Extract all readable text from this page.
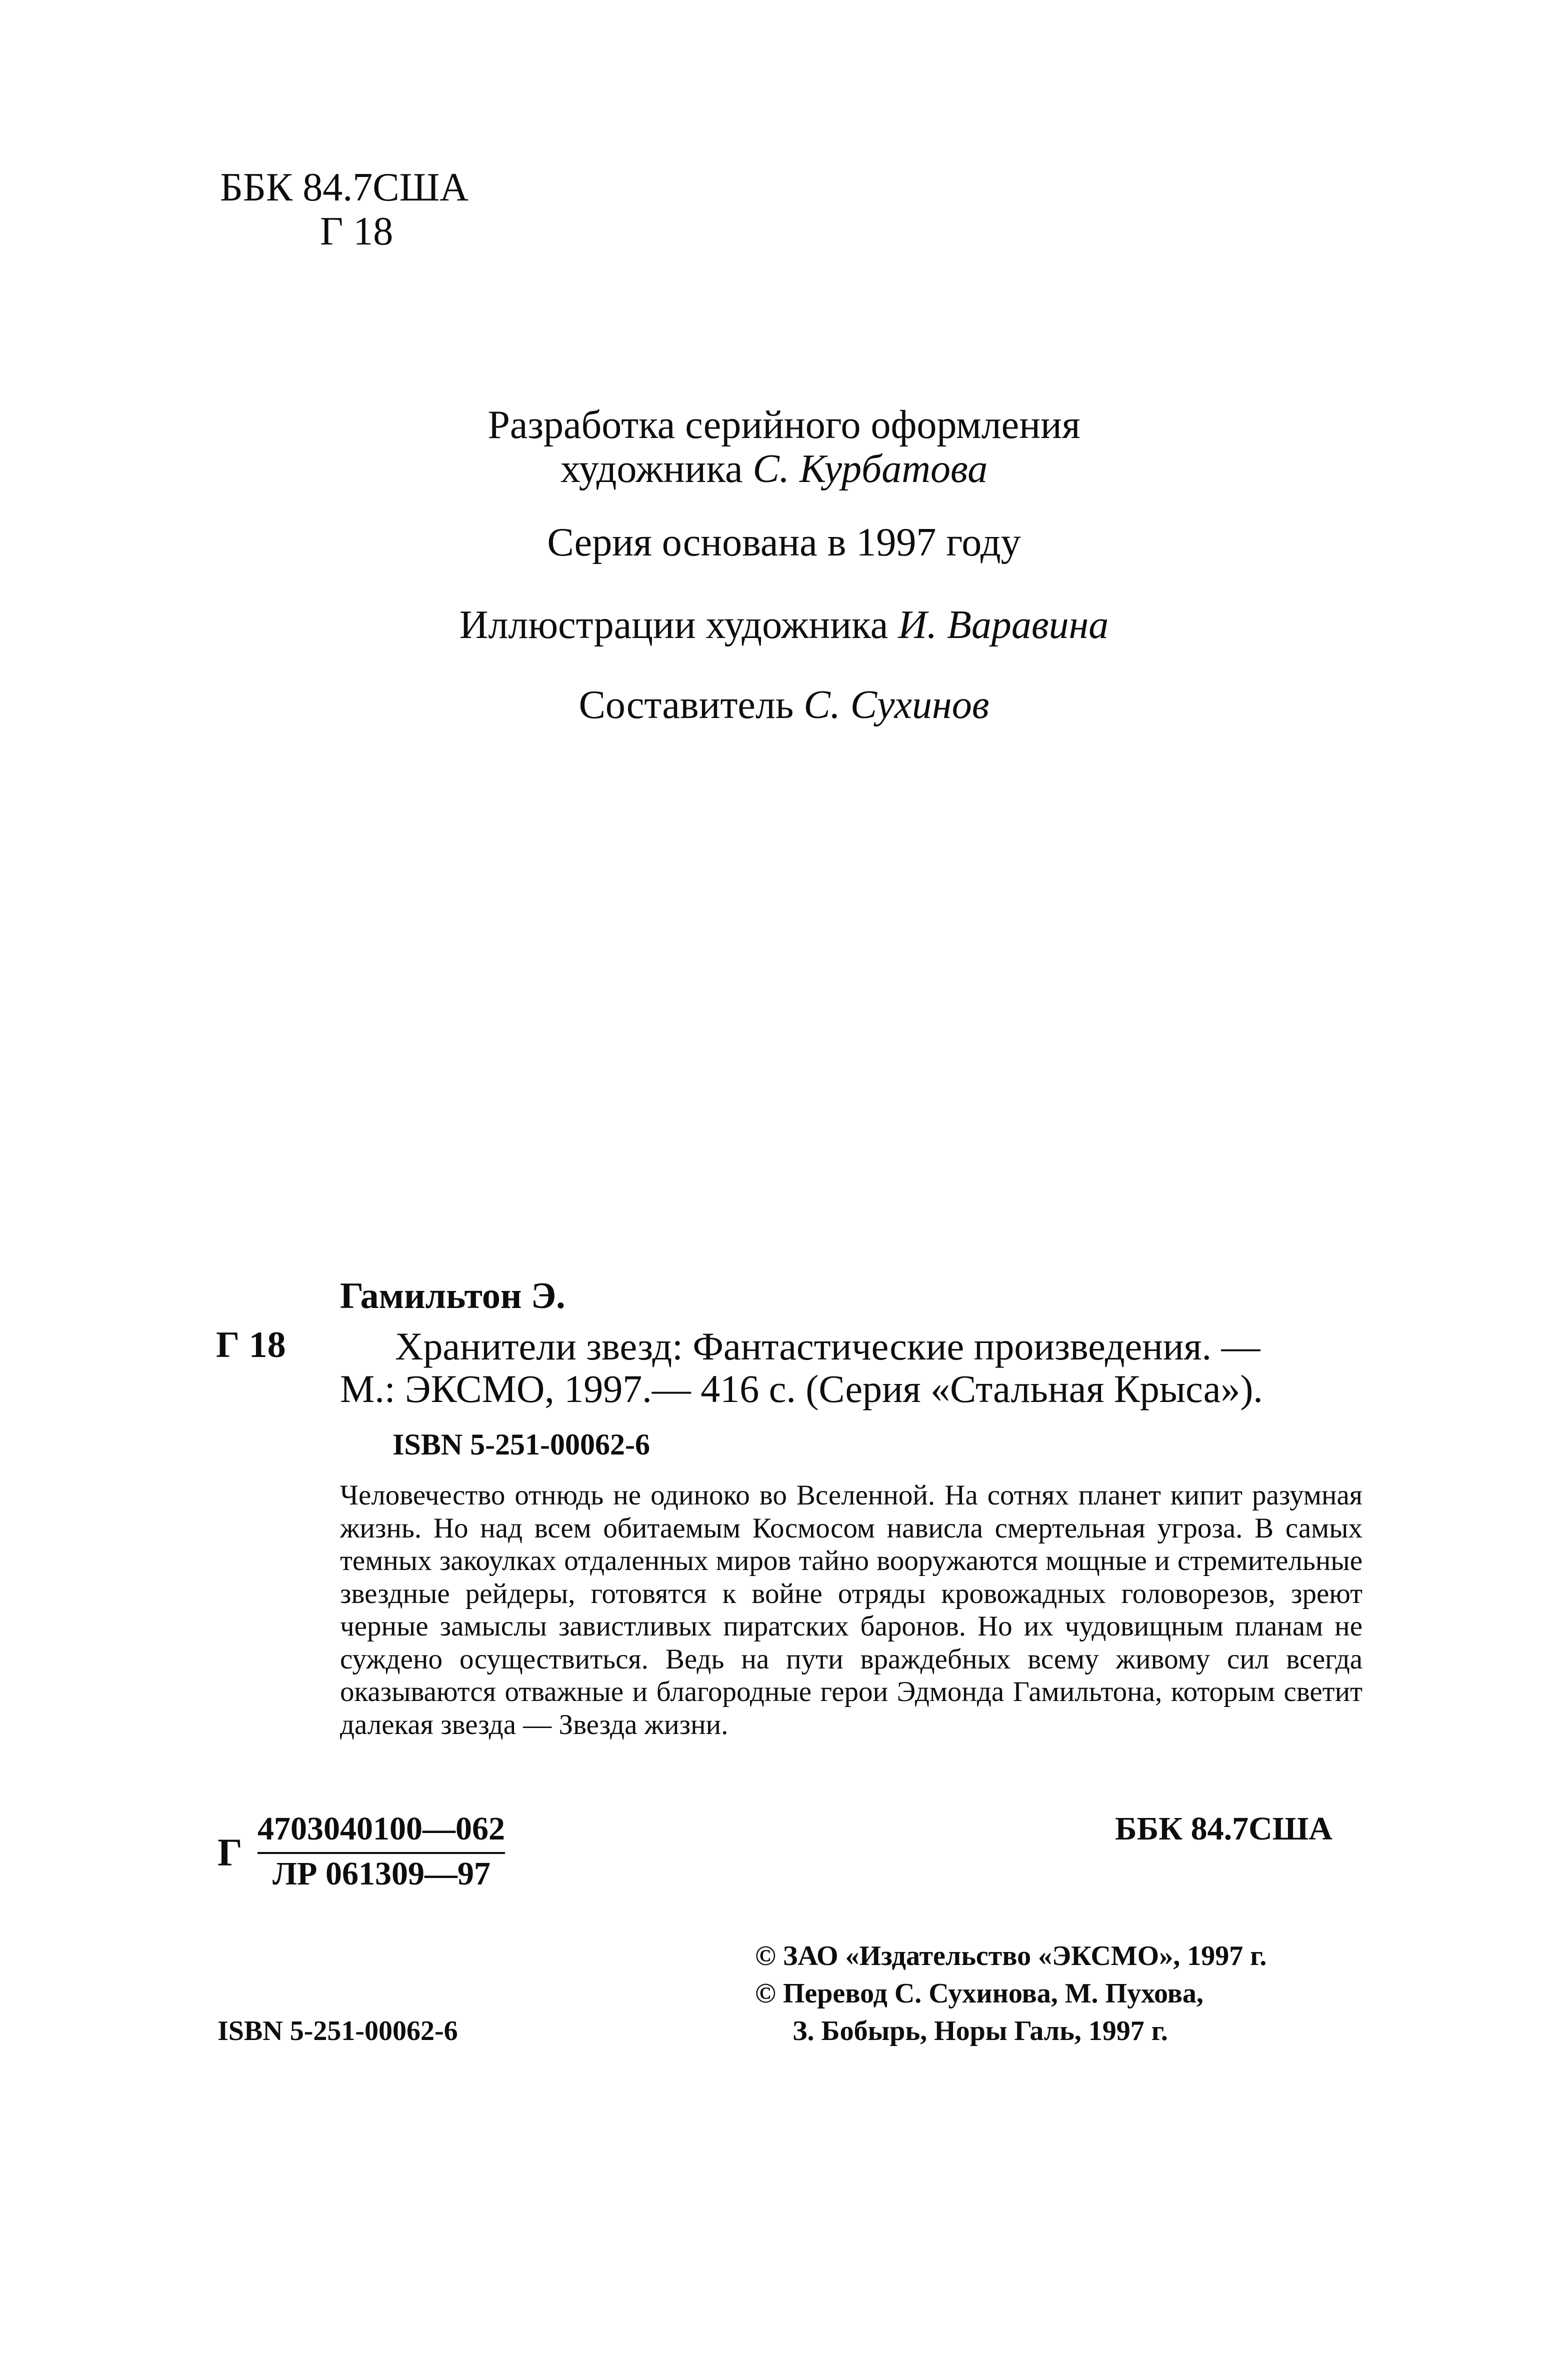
ББК 84.7США
Г 18
Разработка серийного оформления
художника С. Курбатова
Серия основана в 1997 году
Иллюстрации художника И. Варавина
Составитель С. Сухинов
Гамильтон Э.
Г 18	Хранители звезд: Фантастические произведения. —
М.: ЭКСМО, 1997.— 416 с. (Серия «Стальная Крыса»).
ISBN 5-251-00062-6
Человечество отнюдь не одиноко во Вселенной. На сотнях планет кипит разумная жизнь. Но над всем обитаемым Космосом нависла смертельная угроза. В самых темных закоулках отдаленных миров тайно вооружаются мощные и стремительные звездные рейдеры, готовятся к войне отряды кровожадных головорезов, зреют черные замыслы завистливых пиратских баронов. Но их чудовищным планам не суждено осуществиться. Ведь на пути враждебных всему живому сил всегда оказываются отважные и благородные герои Эдмонда Гамильтона, которым светит далекая звезда — Звезда жизни.
Г
4703040100—062
ЛР 061309—97
ББК 84.7США
© ЗАО «Издательство «ЭКСМО», 1997 г.
© Перевод С. Сухинова, М. Пухова,
З. Бобырь, Норы Галь, 1997 г.
ISBN 5-251-00062-6
